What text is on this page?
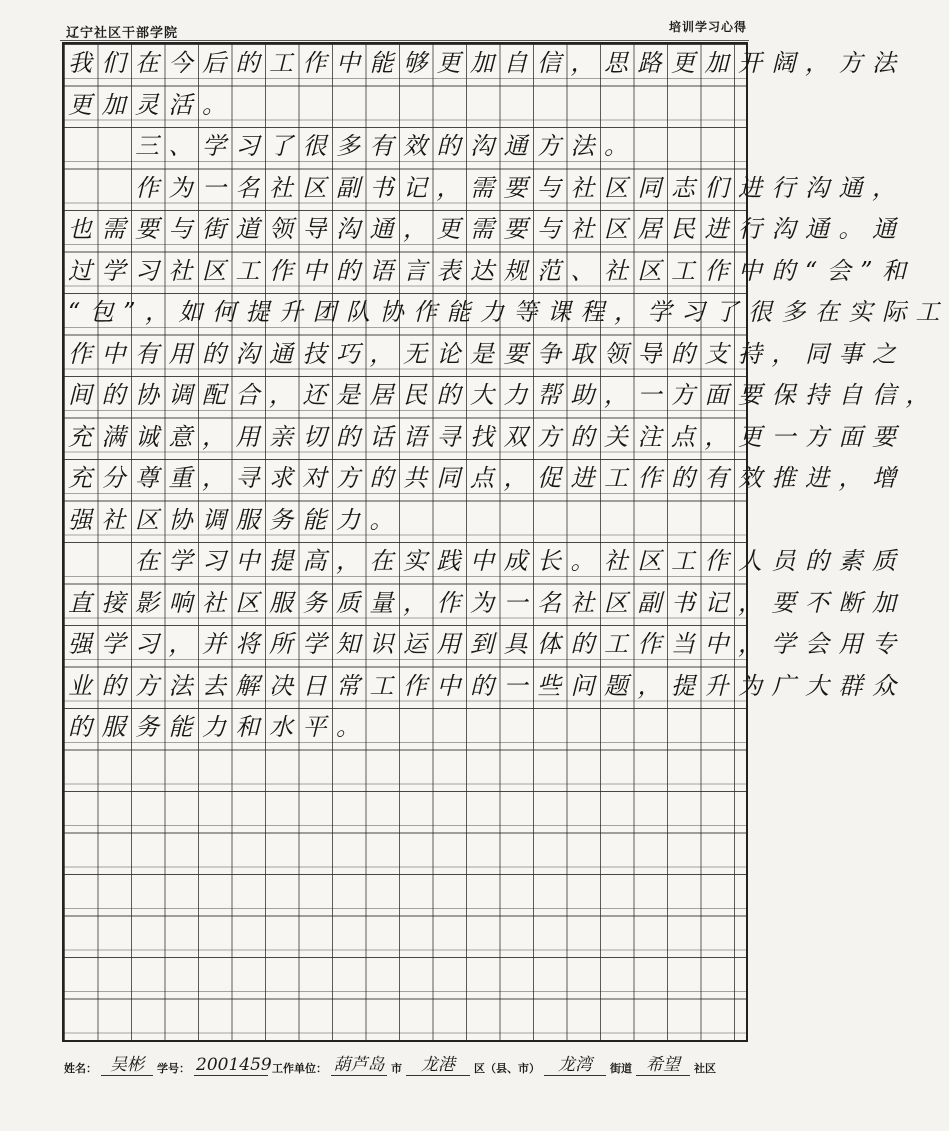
辽宁社区干部学院	培训学习心得
我们在今后的工作中能够更加自信，思路更加开阔，方法
更加灵活。
　　三、学习了很多有效的沟通方法。
　　作为一名社区副书记，需要与社区同志们进行沟通，
也需要与街道领导沟通，更需要与社区居民进行沟通。通
过学习社区工作中的语言表达规范、社区工作中的“会”和
“包”，如何提升团队协作能力等课程，学习了很多在实际工
作中有用的沟通技巧，无论是要争取领导的支持，同事之
间的协调配合，还是居民的大力帮助，一方面要保持自信，
充满诚意，用亲切的话语寻找双方的关注点，更一方面要
充分尊重，寻求对方的共同点，促进工作的有效推进，增
强社区协调服务能力。
　　在学习中提高，在实践中成长。社区工作人员的素质
直接影响社区服务质量，作为一名社区副书记，要不断加
强学习，并将所学知识运用到具体的工作当中，学会用专
业的方法去解决日常工作中的一些问题，提升为广大群众
的服务能力和水平。
姓名： 吴彬	学号： 2001459 工作单位： 葫芦岛 市	龙港	区（县、市）	龙湾	街道 希望	社区
